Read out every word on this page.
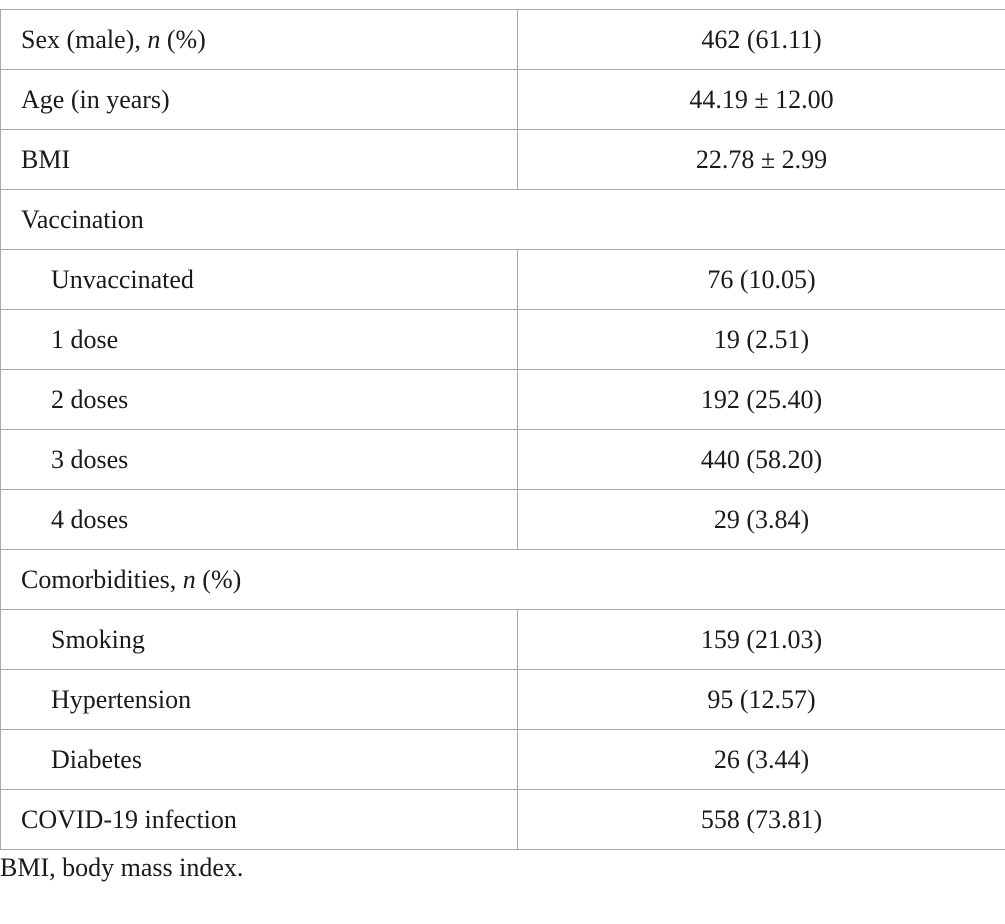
Sex (male), n (%)	462 (61.11)
Age (in years)	44.19 ± 12.00
BMI	22.78 ± 2.99
Vaccination	
Unvaccinated	76 (10.05)
1 dose	19 (2.51)
2 doses	192 (25.40)
3 doses	440 (58.20)
4 doses	29 (3.84)
Comorbidities, n (%)	
Smoking	159 (21.03)
Hypertension	95 (12.57)
Diabetes	26 (3.44)
COVID-19 infection	558 (73.81)
BMI, body mass index.
